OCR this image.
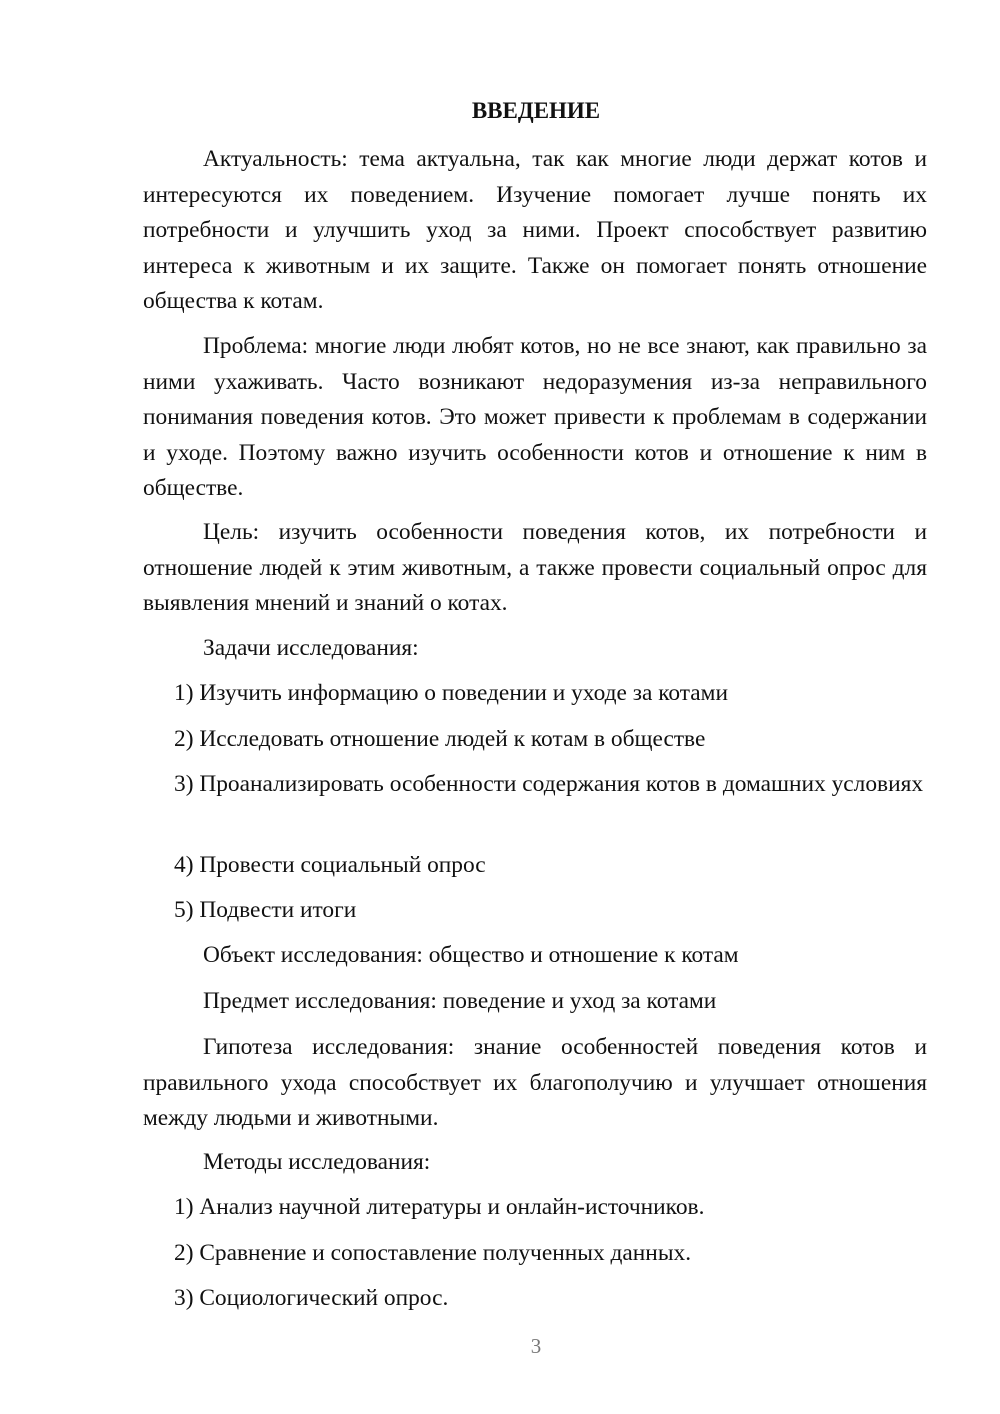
ВВЕДЕНИЕ

Актуальность: тема актуальна, так как многие люди держат котов и интересуются их поведением. Изучение помогает лучше понять их потребности и улучшить уход за ними. Проект способствует развитию интереса к животным и их защите. Также он помогает понять отношение общества к котам.

Проблема: многие люди любят котов, но не все знают, как правильно за ними ухаживать. Часто возникают недоразумения из-за неправильного понимания поведения котов. Это может привести к проблемам в содержании и уходе. Поэтому важно изучить особенности котов и отношение к ним в обществе.

Цель: изучить особенности поведения котов, их потребности и отношение людей к этим животным, а также провести социальный опрос для выявления мнений и знаний о котах.

Задачи исследования:

1) Изучить информацию о поведении и уходе за котами

2) Исследовать отношение людей к котам в обществе

3) Проанализировать особенности содержания котов в домашних условиях

4) Провести социальный опрос

5) Подвести итоги

Объект исследования: общество и отношение к котам

Предмет исследования: поведение и уход за котами

Гипотеза исследования: знание особенностей поведения котов и правильного ухода способствует их благополучию и улучшает отношения между людьми и животными.

Методы исследования:

1) Анализ научной литературы и онлайн-источников.

2) Сравнение и сопоставление полученных данных.

3) Социологический опрос.

3
